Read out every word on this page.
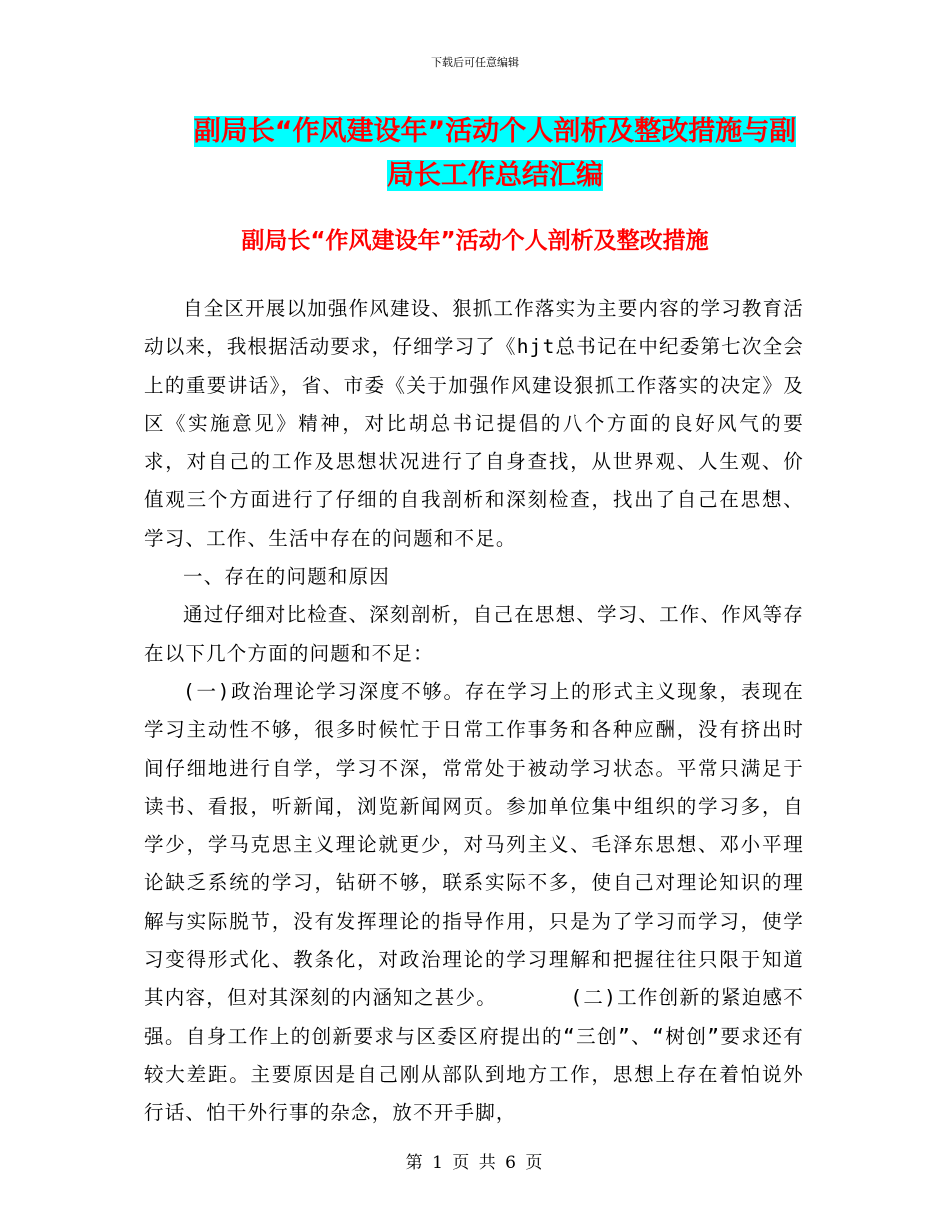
下载后可任意编辑
副局长“作风建设年”活动个人剖析及整改措施与副
局长工作总结汇编
副局长“作风建设年”活动个人剖析及整改措施

自全区开展以加强作风建设、狠抓工作落实为主要内容的学习教育活动以来，我根据活动要求，仔细学习了《hjt总书记在中纪委第七次全会上的重要讲话》，省、市委《关于加强作风建设狠抓工作落实的决定》及区《实施意见》精神，对比胡总书记提倡的八个方面的良好风气的要求，对自己的工作及思想状况进行了自身查找，从世界观、人生观、价值观三个方面进行了仔细的自我剖析和深刻检查，找出了自己在思想、学习、工作、生活中存在的问题和不足。

一、存在的问题和原因

通过仔细对比检查、深刻剖析，自己在思想、学习、工作、作风等存在以下几个方面的问题和不足：

(一)政治理论学习深度不够。存在学习上的形式主义现象，表现在学习主动性不够，很多时候忙于日常工作事务和各种应酬，没有挤出时间仔细地进行自学，学习不深，常常处于被动学习状态。平常只满足于读书、看报，听新闻，浏览新闻网页。参加单位集中组织的学习多，自学少，学马克思主义理论就更少，对马列主义、毛泽东思想、邓小平理论缺乏系统的学习，钻研不够，联系实际不多，使自己对理论知识的理解与实际脱节，没有发挥理论的指导作用，只是为了学习而学习，使学习变得形式化、教条化，对政治理论的学习理解和把握往往只限于知道其内容，但对其深刻的内涵知之甚少。　　　　(二)工作创新的紧迫感不强。自身工作上的创新要求与区委区府提出的“三创”、“树创”要求还有较大差距。主要原因是自己刚从部队到地方工作，思想上存在着怕说外行话、怕干外行事的杂念，放不开手脚，

第 1 页 共 6 页
